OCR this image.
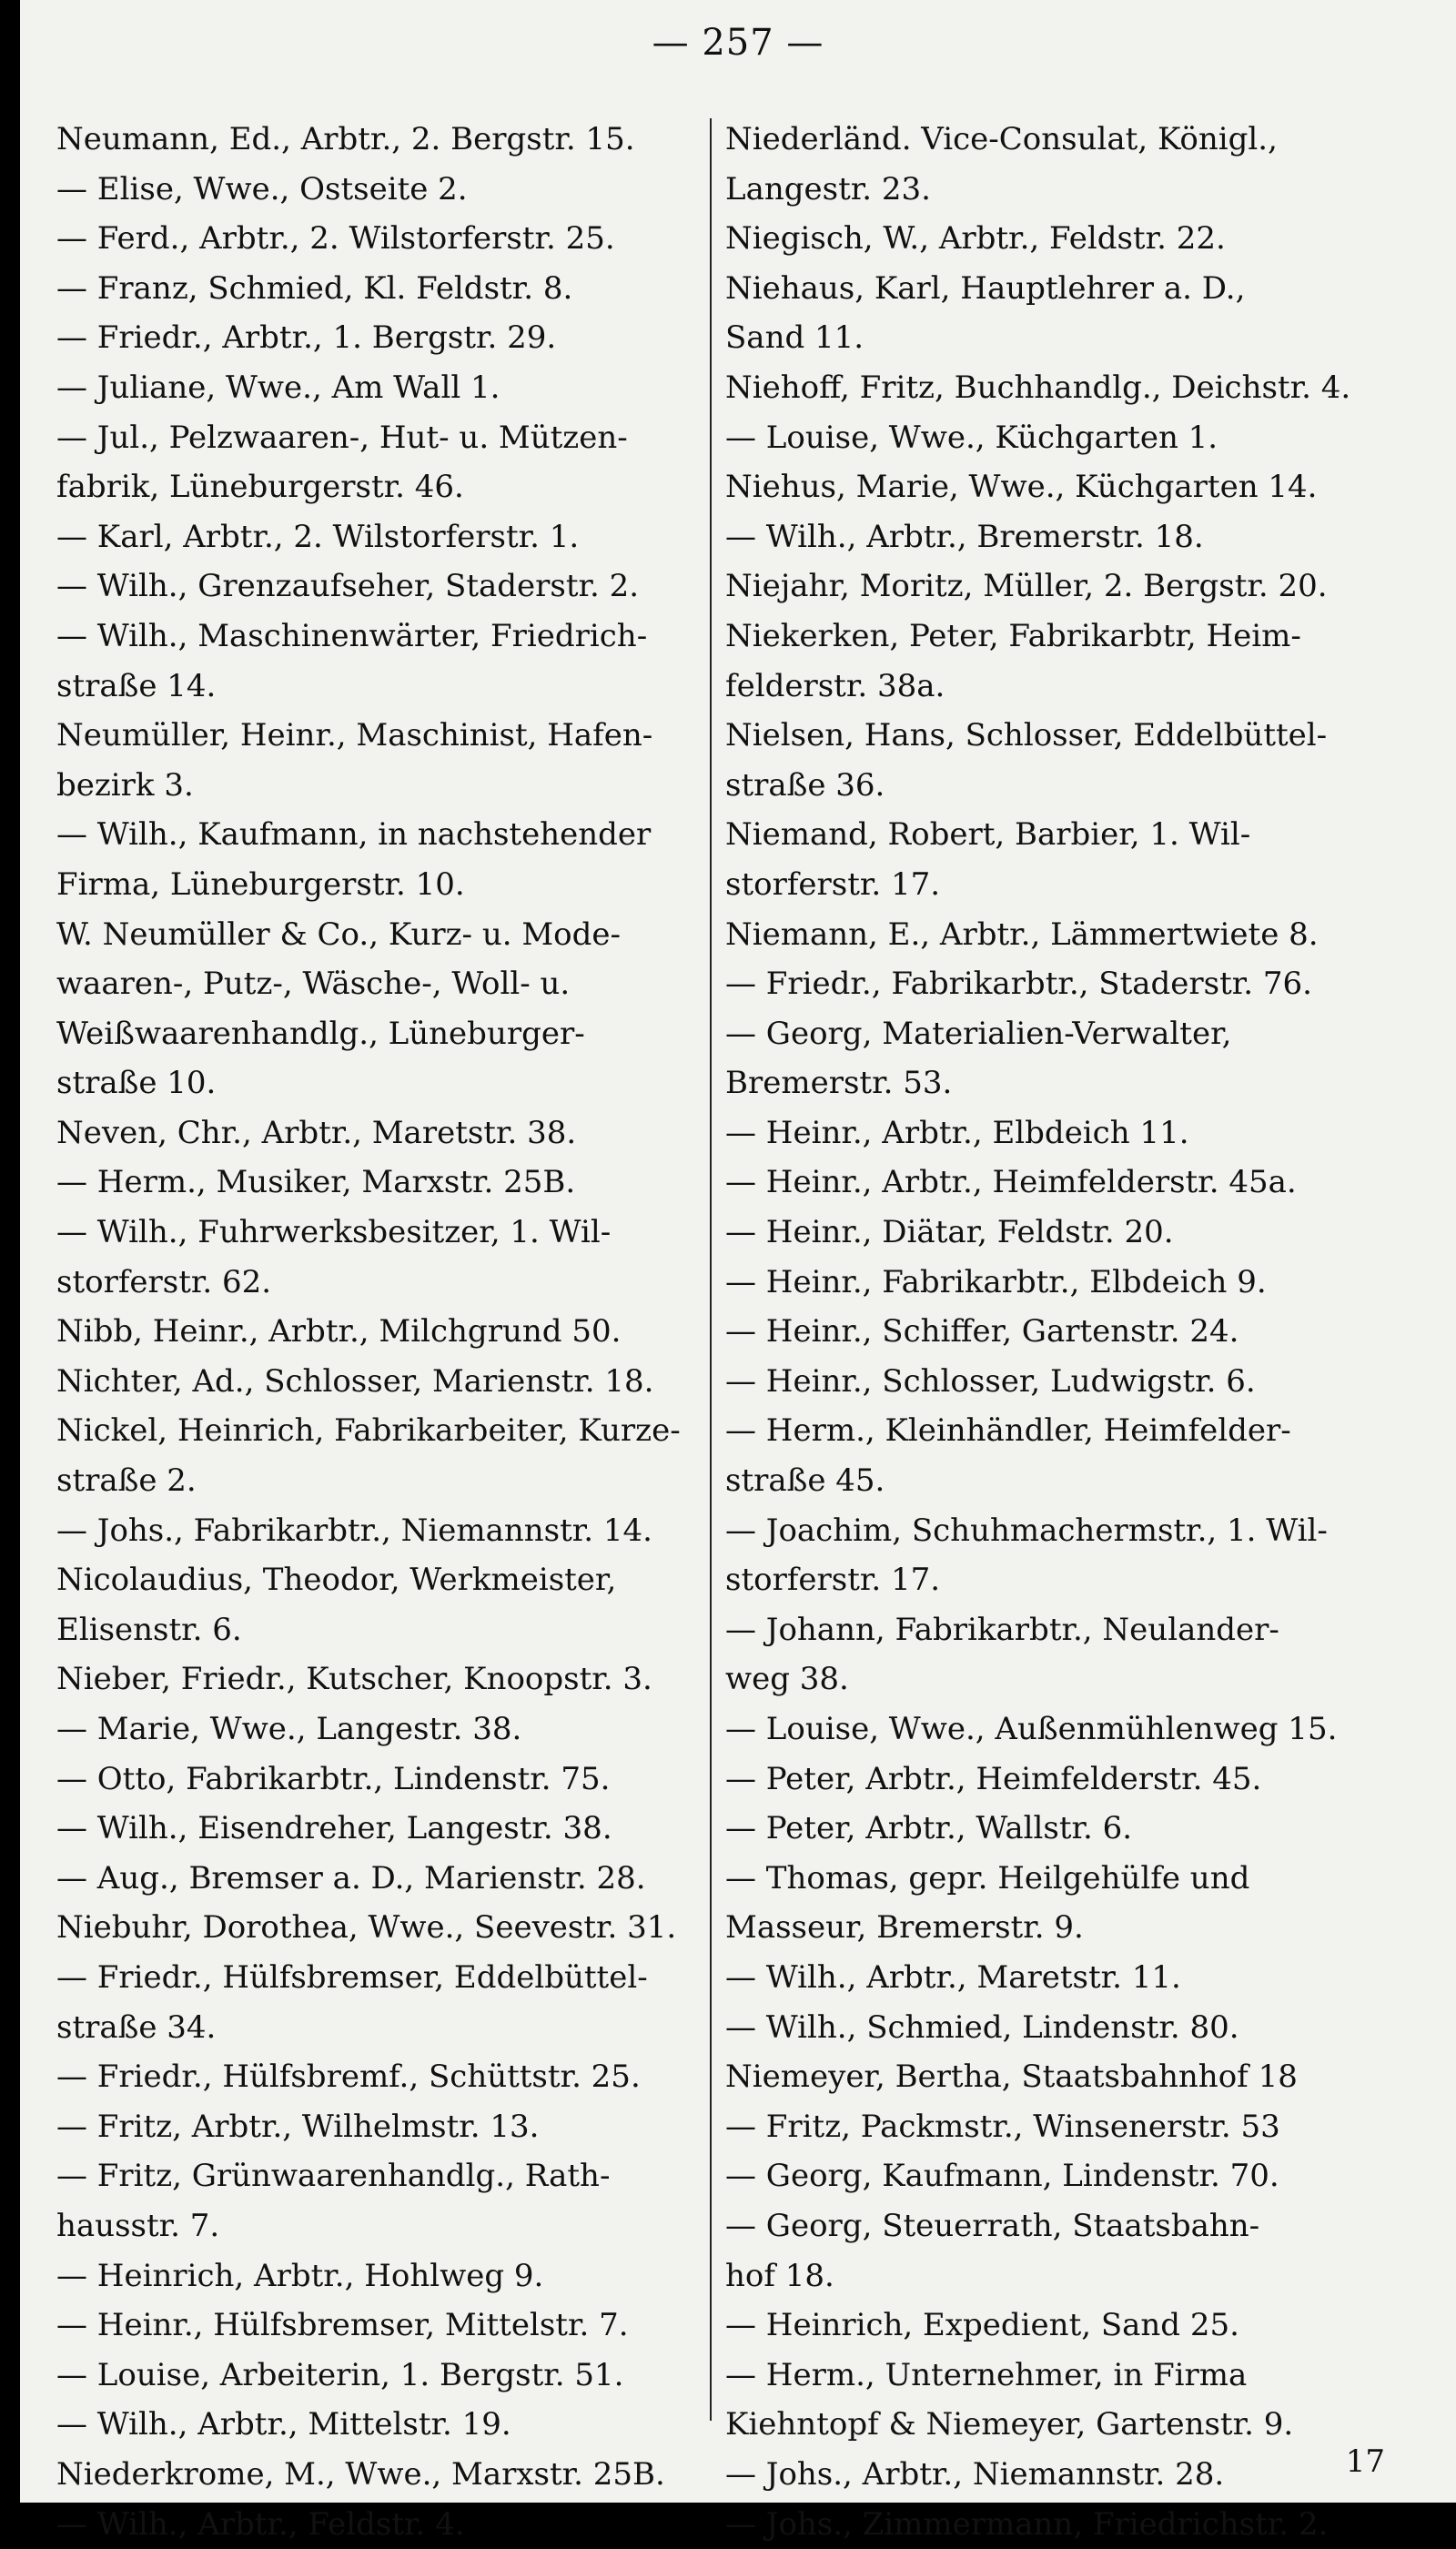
— 257 —
Neumann, Ed., Arbtr., 2. Bergstr. 15.
— Elise, Wwe., Ostseite 2.
— Ferd., Arbtr., 2. Wilstorferstr. 25.
— Franz, Schmied, Kl. Feldstr. 8.
— Friedr., Arbtr., 1. Bergstr. 29.
— Juliane, Wwe., Am Wall 1.
— Jul., Pelzwaaren-, Hut- u. Mützen-
fabrik, Lüneburgerstr. 46.
— Karl, Arbtr., 2. Wilstorferstr. 1.
— Wilh., Grenzaufseher, Staderstr. 2.
— Wilh., Maschinenwärter, Friedrich-
straße 14.
Neumüller, Heinr., Maschinist, Hafen-
bezirk 3.
— Wilh., Kaufmann, in nachstehender
Firma, Lüneburgerstr. 10.
W. Neumüller & Co., Kurz- u. Mode-
waaren-, Putz-, Wäsche-, Woll- u.
Weißwaarenhandlg., Lüneburger-
straße 10.
Neven, Chr., Arbtr., Maretstr. 38.
— Herm., Musiker, Marxstr. 25B.
— Wilh., Fuhrwerksbesitzer, 1. Wil-
storferstr. 62.
Nibb, Heinr., Arbtr., Milchgrund 50.
Nichter, Ad., Schlosser, Marienstr. 18.
Nickel, Heinrich, Fabrikarbeiter, Kurze-
straße 2.
— Johs., Fabrikarbtr., Niemannstr. 14.
Nicolaudius, Theodor, Werkmeister,
Elisenstr. 6.
Nieber, Friedr., Kutscher, Knoopstr. 3.
— Marie, Wwe., Langestr. 38.
— Otto, Fabrikarbtr., Lindenstr. 75.
— Wilh., Eisendreher, Langestr. 38.
— Aug., Bremser a. D., Marienstr. 28.
Niebuhr, Dorothea, Wwe., Seevestr. 31.
— Friedr., Hülfsbremser, Eddelbüttel-
straße 34.
— Friedr., Hülfsbremf., Schüttstr. 25.
— Fritz, Arbtr., Wilhelmstr. 13.
— Fritz, Grünwaarenhandlg., Rath-
hausstr. 7.
— Heinrich, Arbtr., Hohlweg 9.
— Heinr., Hülfsbremser, Mittelstr. 7.
— Louise, Arbeiterin, 1. Bergstr. 51.
— Wilh., Arbtr., Mittelstr. 19.
Niederkrome, M., Wwe., Marxstr. 25B.
— Wilh., Arbtr., Feldstr. 4.
Niederländ. Vice-Consulat, Königl.,
Langestr. 23.
Niegisch, W., Arbtr., Feldstr. 22.
Niehaus, Karl, Hauptlehrer a. D.,
Sand 11.
Niehoff, Fritz, Buchhandlg., Deichstr. 4.
— Louise, Wwe., Küchgarten 1.
Niehus, Marie, Wwe., Küchgarten 14.
— Wilh., Arbtr., Bremerstr. 18.
Niejahr, Moritz, Müller, 2. Bergstr. 20.
Niekerken, Peter, Fabrikarbtr, Heim-
felderstr. 38a.
Nielsen, Hans, Schlosser, Eddelbüttel-
straße 36.
Niemand, Robert, Barbier, 1. Wil-
storferstr. 17.
Niemann, E., Arbtr., Lämmertwiete 8.
— Friedr., Fabrikarbtr., Staderstr. 76.
— Georg, Materialien-Verwalter,
Bremerstr. 53.
— Heinr., Arbtr., Elbdeich 11.
— Heinr., Arbtr., Heimfelderstr. 45a.
— Heinr., Diätar, Feldstr. 20.
— Heinr., Fabrikarbtr., Elbdeich 9.
— Heinr., Schiffer, Gartenstr. 24.
— Heinr., Schlosser, Ludwigstr. 6.
— Herm., Kleinhändler, Heimfelder-
straße 45.
— Joachim, Schuhmachermstr., 1. Wil-
storferstr. 17.
— Johann, Fabrikarbtr., Neulander-
weg 38.
— Louise, Wwe., Außenmühlenweg 15.
— Peter, Arbtr., Heimfelderstr. 45.
— Peter, Arbtr., Wallstr. 6.
— Thomas, gepr. Heilgehülfe und
Masseur, Bremerstr. 9.
— Wilh., Arbtr., Maretstr. 11.
— Wilh., Schmied, Lindenstr. 80.
Niemeyer, Bertha, Staatsbahnhof 18
— Fritz, Packmstr., Winsenerstr. 53
— Georg, Kaufmann, Lindenstr. 70.
— Georg, Steuerrath, Staatsbahn-
hof 18.
— Heinrich, Expedient, Sand 25.
— Herm., Unternehmer, in Firma
Kiehntopf & Niemeyer, Gartenstr. 9.
— Johs., Arbtr., Niemannstr. 28.
— Johs., Zimmermann, Friedrichstr. 2.
17
